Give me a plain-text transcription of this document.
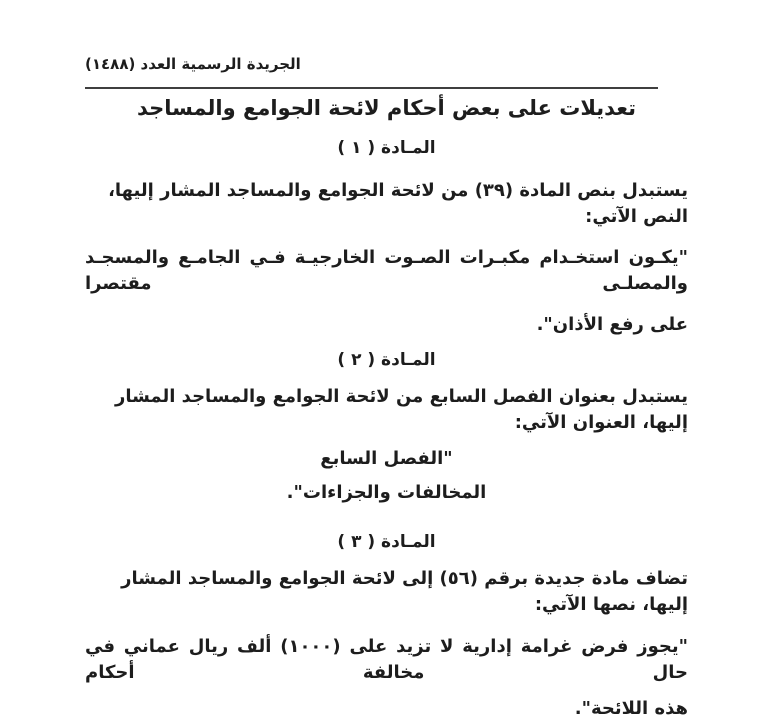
الجريدة الرسمية العدد (١٤٨٨)
تعديلات على بعض أحكام لائحة الجوامع والمساجد
المـادة ( ١ )

يستبدل بنص المادة (٣٩) من لائحة الجوامع والمساجد المشار إليها، النص الآتي:

"يكـون استخـدام مكبـرات الصـوت الخارجيـة فـي الجامـع والمسجـد والمصلـى مقتصرا

على رفع الأذان".

المـادة ( ٢ )

يستبدل بعنوان الفصل السابع من لائحة الجوامع والمساجد المشار إليها، العنوان الآتي:

"الفصل السابع

المخالفات والجزاءات".

المـادة ( ٣ )

تضاف مادة جديدة برقم (٥٦) إلى لائحة الجوامع والمساجد المشار إليها، نصها الآتي:

"يجوز فرض غرامة إدارية لا تزيد على (١٠٠٠) ألف ريال عماني في حال مخالفة أحكام

هذه اللائحة".
